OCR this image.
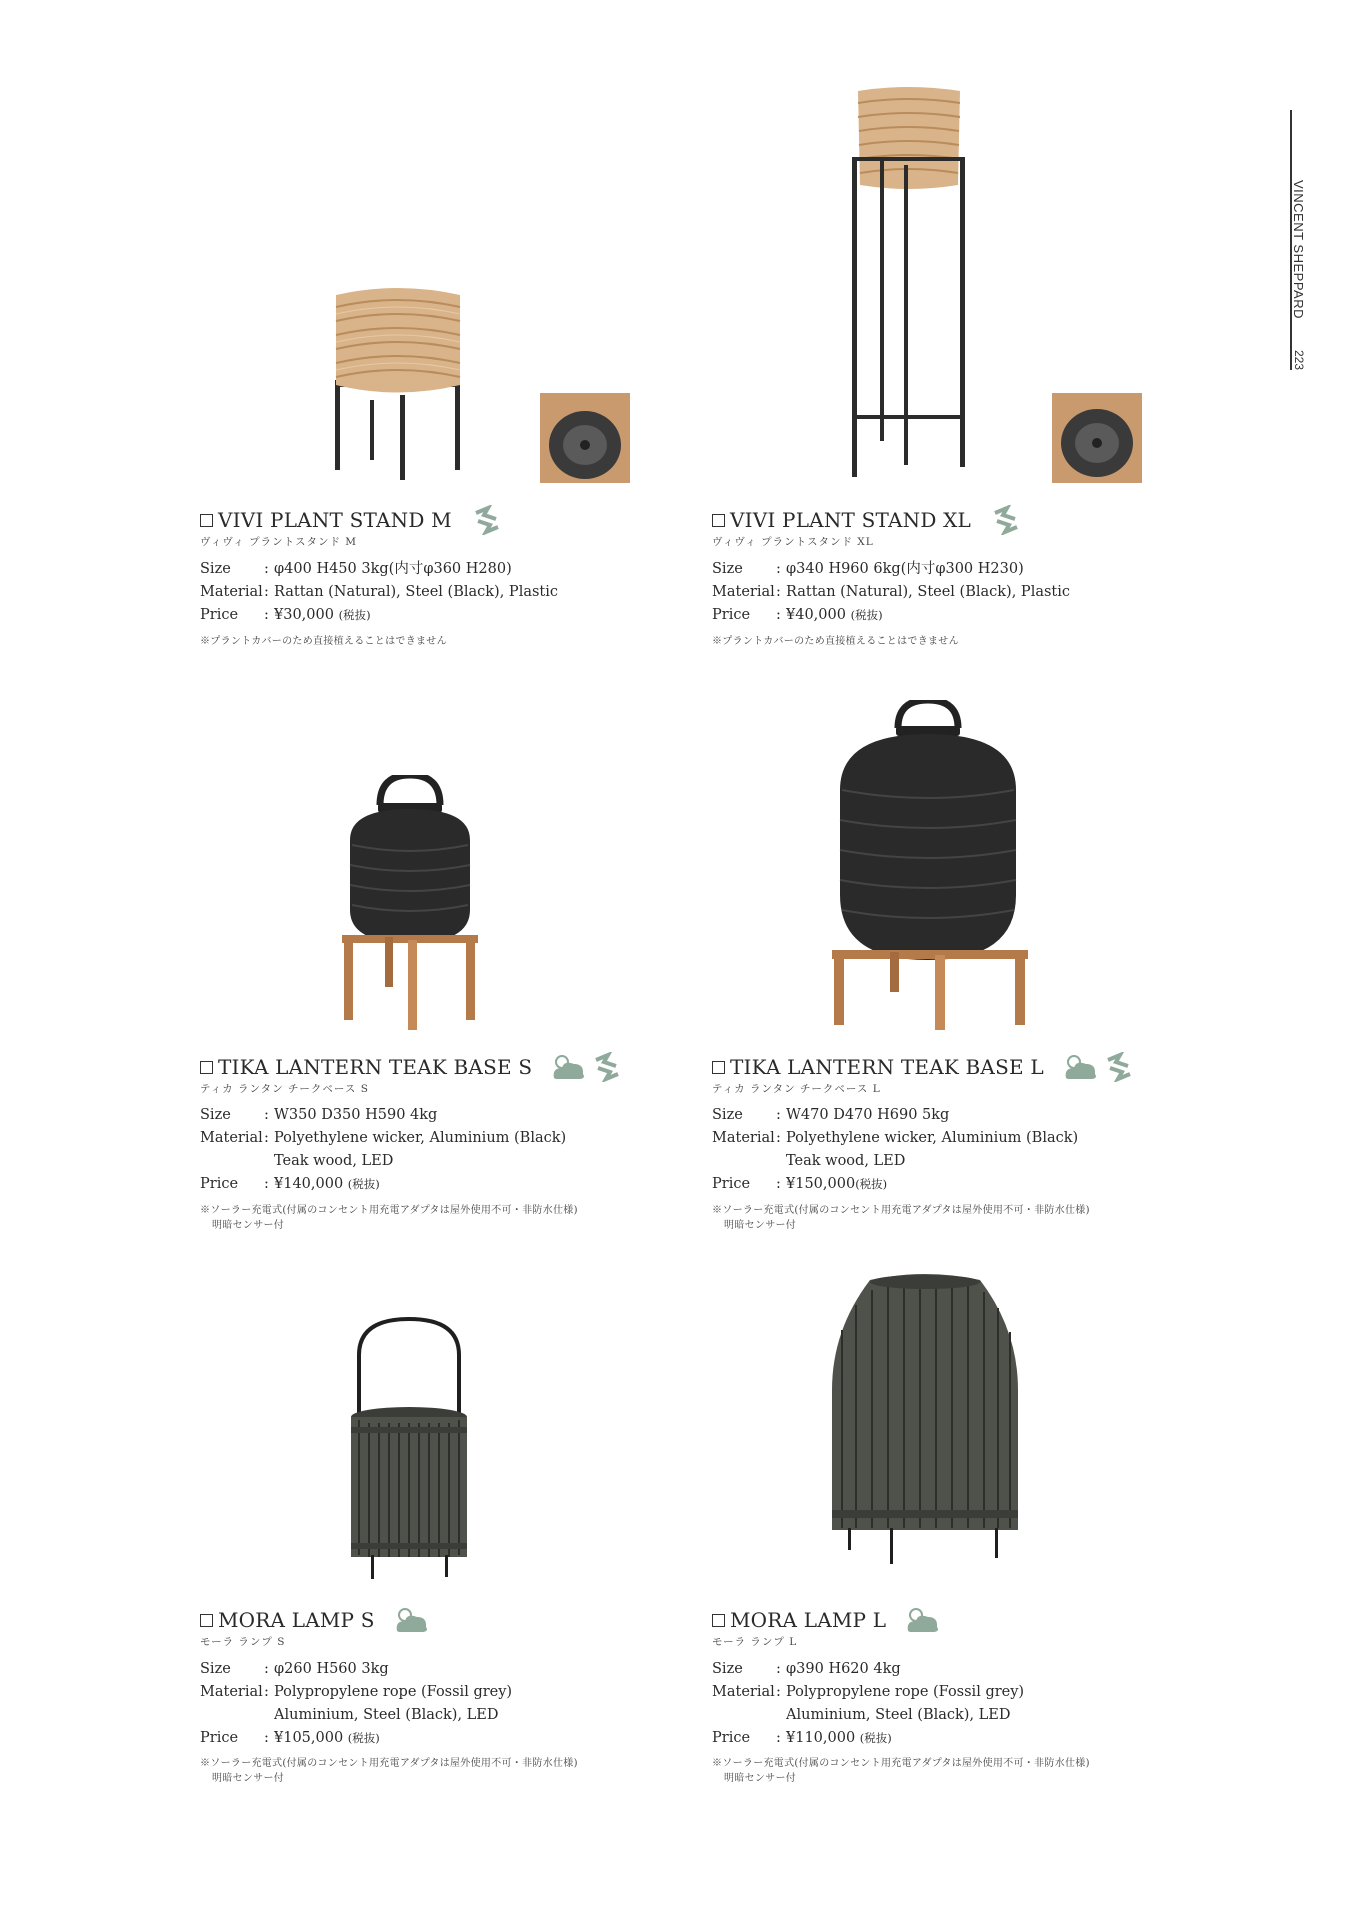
VINCENT SHEPPARD
223
VIVI PLANT STAND M
ヴィヴィ プラントスタンド M
Size	: φ400 H450 3kg(内寸φ360 H280)
Material : Rattan (Natural), Steel (Black), Plastic
Price	: ¥30,000
(税抜)
※プラントカバーのため直接植えることはできません
VIVI PLANT STAND XL
ヴィヴィ プラントスタンド XL
Size	: φ340 H960 6kg(内寸φ300 H230)
Material : Rattan (Natural), Steel (Black), Plastic
Price	: ¥40,000
(税抜)
※プラントカバーのため直接植えることはできません
TIKA LANTERN TEAK BASE S
ティカ ランタン チークベース S
Size	: W350 D350 H590 4kg
Material : Polyethylene wicker, Aluminium (Black)
Teak wood, LED
Price	: ¥140,000
(税抜)
※ソーラー充電式(付属のコンセント用充電アダプタは屋外使用不可・非防水仕様)
明暗センサー付
TIKA LANTERN TEAK BASE L
ティカ ランタン チークベース L
Size	: W470 D470 H690 5kg
Material : Polyethylene wicker, Aluminium (Black)
Teak wood, LED
Price	: ¥150,000 (税抜)
※ソーラー充電式(付属のコンセント用充電アダプタは屋外使用不可・非防水仕様)
明暗センサー付
MORA LAMP S
モーラ ランプ S
Size	: φ260 H560 3kg
Material : Polypropylene rope (Fossil grey)
Aluminium, Steel (Black), LED
Price	: ¥105,000
(税抜)
※ソーラー充電式(付属のコンセント用充電アダプタは屋外使用不可・非防水仕様)
明暗センサー付
MORA LAMP L
モーラ ランプ L
Size	: φ390 H620 4kg
Material : Polypropylene rope (Fossil grey)
Aluminium, Steel (Black), LED
Price	: ¥110,000
(税抜)
※ソーラー充電式(付属のコンセント用充電アダプタは屋外使用不可・非防水仕様)
明暗センサー付
